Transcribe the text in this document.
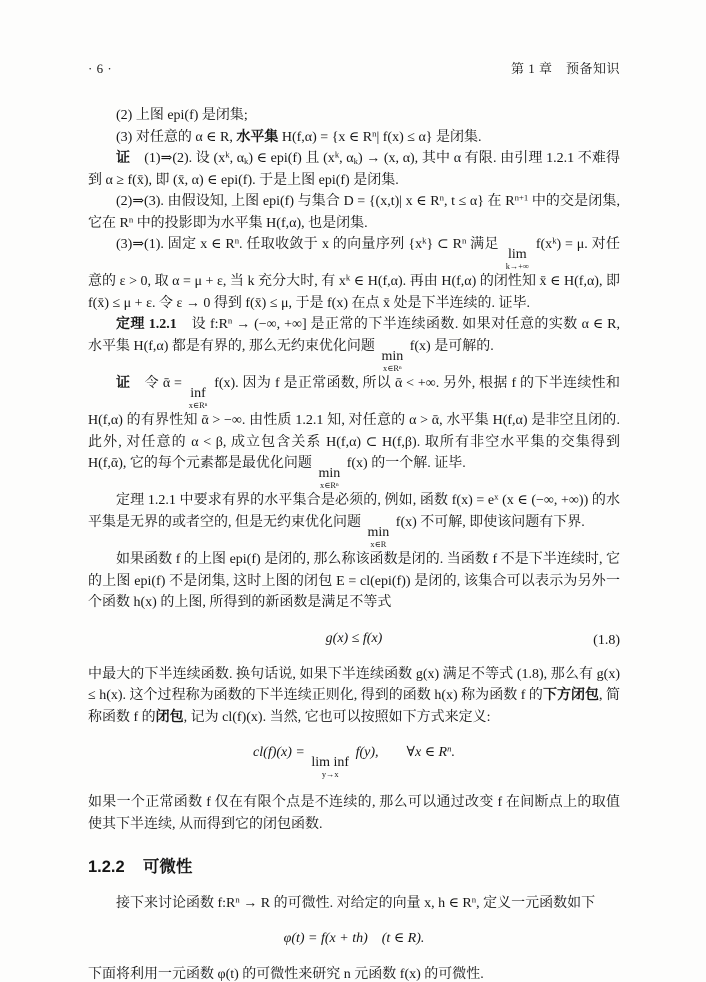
· 6 ·	第 1 章　预备知识

(2) 上图 epi(f) 是闭集;

(3) 对任意的 α ∈ R, 水平集 H(f,α) = {x ∈ $R^n|$ f(x) ≤ α} 是闭集.

证　(1)⇒(2). 设 ($x^k$, $\alpha_k$) ∈ epi(f) 且 ($x^k$, $\alpha_k) \to (x$, α), 其中 α 有限. 由引理 1.2.1 不难得到 α ≥ f(x̄), 即 (x̄, α) ∈ epi(f). 于是上图 epi(f) 是闭集.

(2)⇒(3). 由假设知, 上图 epi(f) 与集合 D = {(x,t)| x ∈ $R^n$, t ≤ α} 在 $R^{n+1}$ 中的交是闭集, 它在 $R^n$ 中的投影即为水平集 H(f,α), 也是闭集.

(3)⇒(1). 固定 x ∈ $R^n$. 任取收敛于 x 的向量序列 $\{x^k\}$ ⊂ $R^n$ 满足
lim
k→+∞
$f(x^k) = \mu$. 对任意的 ε > 0, 取 α = μ + ε, 当 k 充分大时, 有 $x^k$ ∈ H(f,α). 再由 H(f,α) 的闭性知 x̄ ∈ H(f,α), 即 f(x̄) ≤ μ + ε. 令 ε → 0 得到 f(x̄) ≤ μ, 于是 f(x) 在点 x̄ 处是下半连续的. 证毕.

定理 1.2.1　设 $f:R^n$ → (−∞, +∞] 是正常的下半连续函数. 如果对任意的实数 α ∈ R, 水平集 H(f,α) 都是有界的, 那么无约束优化问题
min
x∈Rⁿ
f(x) 是可解的.

证　令 ᾱ =
inf
x∈Rⁿ
f(x). 因为 f 是正常函数, 所以 ᾱ < +∞. 另外, 根据 f 的下半连续性和 H(f,α) 的有界性知 ᾱ > −∞. 由性质 1.2.1 知, 对任意的 α > ᾱ, 水平集 H(f,α) 是非空且闭的. 此外, 对任意的 α < β, 成立包含关系 H(f,α) ⊂ H(f,β). 取所有非空水平集的交集得到 H(f,ᾱ), 它的每个元素都是最优化问题
min
x∈Rⁿ
f(x) 的一个解. 证毕.

定理 1.2.1 中要求有界的水平集合是必须的, 例如, 函数 $f(x) = e^x$ (x ∈ (−∞, +∞)) 的水平集是无界的或者空的, 但是无约束优化问题
min
x∈R
f(x) 不可解, 即使该问题有下界.

如果函数 f 的上图 epi(f) 是闭的, 那么称该函数是闭的. 当函数 f 不是下半连续时, 它的上图 epi(f) 不是闭集, 这时上图的闭包 E = cl(epi(f)) 是闭的, 该集合可以表示为另外一个函数 h(x) 的上图, 所得到的新函数是满足不等式

g(x) ≤ f(x)	(1.8)

中最大的下半连续函数. 换句话说, 如果下半连续函数 g(x) 满足不等式 (1.8), 那么有 g(x) ≤ h(x). 这个过程称为函数的下半连续正则化, 得到的函数 h(x) 称为函数 f 的下方闭包, 简称函数 f 的闭包, 记为 cl(f)(x). 当然, 它也可以按照如下方式来定义:

cl(f)(x) =
lim inf
y→x
f(y),　　∀x ∈ $R^n$.

如果一个正常函数 f 仅在有限个点是不连续的, 那么可以通过改变 f 在间断点上的取值使其下半连续, 从而得到它的闭包函数.

1.2.2 可微性

接下来讨论函数 $f:R^n \to R$ 的可微性. 对给定的向量 x, h ∈ $R^n$, 定义一元函数如下

φ(t) = f(x + th)　(t ∈ R).

下面将利用一元函数 φ(t) 的可微性来研究 n 元函数 f(x) 的可微性.
